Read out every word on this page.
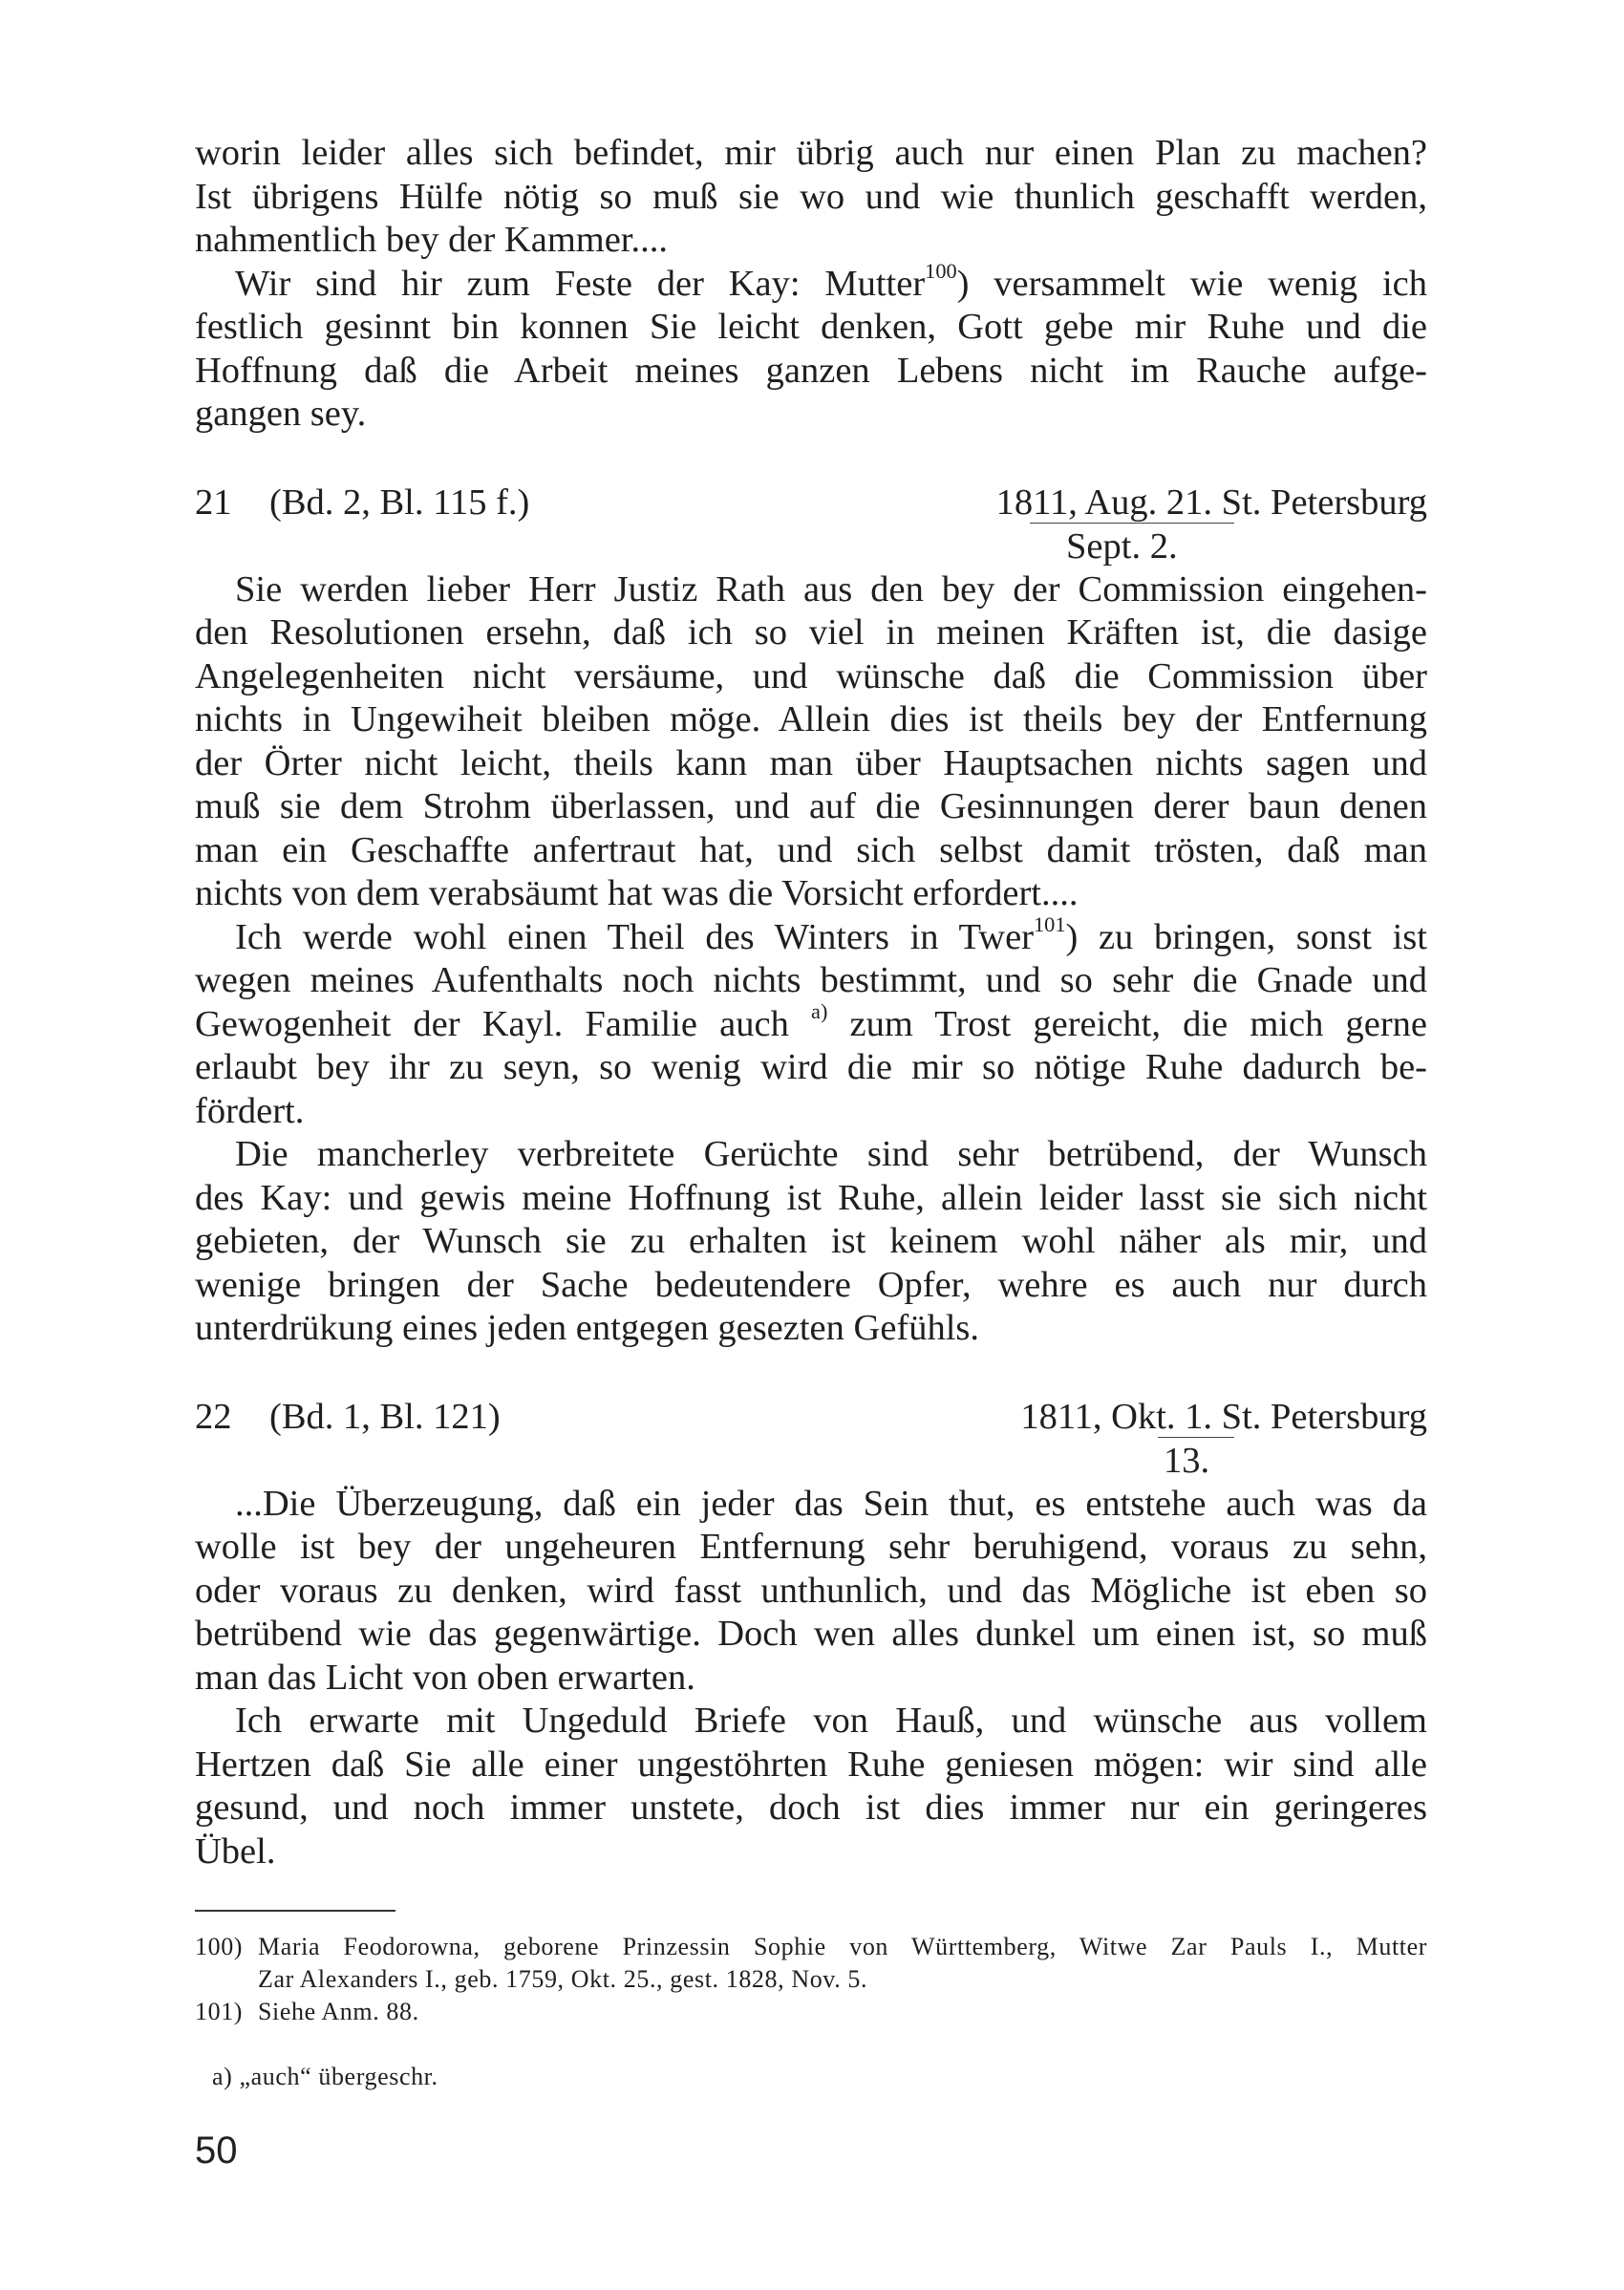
worin leider alles sich befindet, mir übrig auch nur einen Plan zu machen?
Ist übrigens Hülfe nötig so muß sie wo und wie thunlich geschafft werden,
nahmentlich bey der Kammer....
Wir sind hir zum Feste der Kay: Mutter$^{100}$) versammelt wie wenig ich
festlich gesinnt bin konnen Sie leicht denken, Gott gebe mir Ruhe und die
Hoffnung daß die Arbeit meines ganzen Lebens nicht im Rauche aufge-
gangen sey.
21 (Bd. 2, Bl. 115 f.)	1811, Aug. 21. St. Petersburg
Sept. 2.
Sie werden lieber Herr Justiz Rath aus den bey der Commission eingehen-
den Resolutionen ersehn, daß ich so viel in meinen Kräften ist, die dasige
Angelegenheiten nicht versäume, und wünsche daß die Commission über
nichts in Ungewiheit bleiben möge. Allein dies ist theils bey der Entfernung
der Örter nicht leicht, theils kann man über Hauptsachen nichts sagen und
muß sie dem Strohm überlassen, und auf die Gesinnungen derer baun denen
man ein Geschaffte anfertraut hat, und sich selbst damit trösten, daß man
nichts von dem verabsäumt hat was die Vorsicht erfordert....
Ich werde wohl einen Theil des Winters in Twer$^{101}$) zu bringen, sonst ist
wegen meines Aufenthalts noch nichts bestimmt, und so sehr die Gnade und
Gewogenheit der Kayl. Familie auch $^{a)}$ zum Trost gereicht, die mich gerne
erlaubt bey ihr zu seyn, so wenig wird die mir so nötige Ruhe dadurch be-
fördert.
Die mancherley verbreitete Gerüchte sind sehr betrübend, der Wunsch
des Kay: und gewis meine Hoffnung ist Ruhe, allein leider lasst sie sich nicht
gebieten, der Wunsch sie zu erhalten ist keinem wohl näher als mir, und
wenige bringen der Sache bedeutendere Opfer, wehre es auch nur durch
unterdrükung eines jeden entgegen gesezten Gefühls.
22 (Bd. 1, Bl. 121)	1811, Okt. 1. St. Petersburg
13.
...Die Überzeugung, daß ein jeder das Sein thut, es entstehe auch was da
wolle ist bey der ungeheuren Entfernung sehr beruhigend, voraus zu sehn,
oder voraus zu denken, wird fasst unthunlich, und das Mögliche ist eben so
betrübend wie das gegenwärtige. Doch wen alles dunkel um einen ist, so muß
man das Licht von oben erwarten.
Ich erwarte mit Ungeduld Briefe von Hauß, und wünsche aus vollem
Hertzen daß Sie alle einer ungestöhrten Ruhe geniesen mögen: wir sind alle
gesund, und noch immer unstete, doch ist dies immer nur ein geringeres
Übel.
100) Maria Feodorowna, geborene Prinzessin Sophie von Württemberg, Witwe Zar Pauls I., Mutter
Zar Alexanders I., geb. 1759, Okt. 25., gest. 1828, Nov. 5.
101) Siehe Anm. 88.
a) „auch“ übergeschr.
50
